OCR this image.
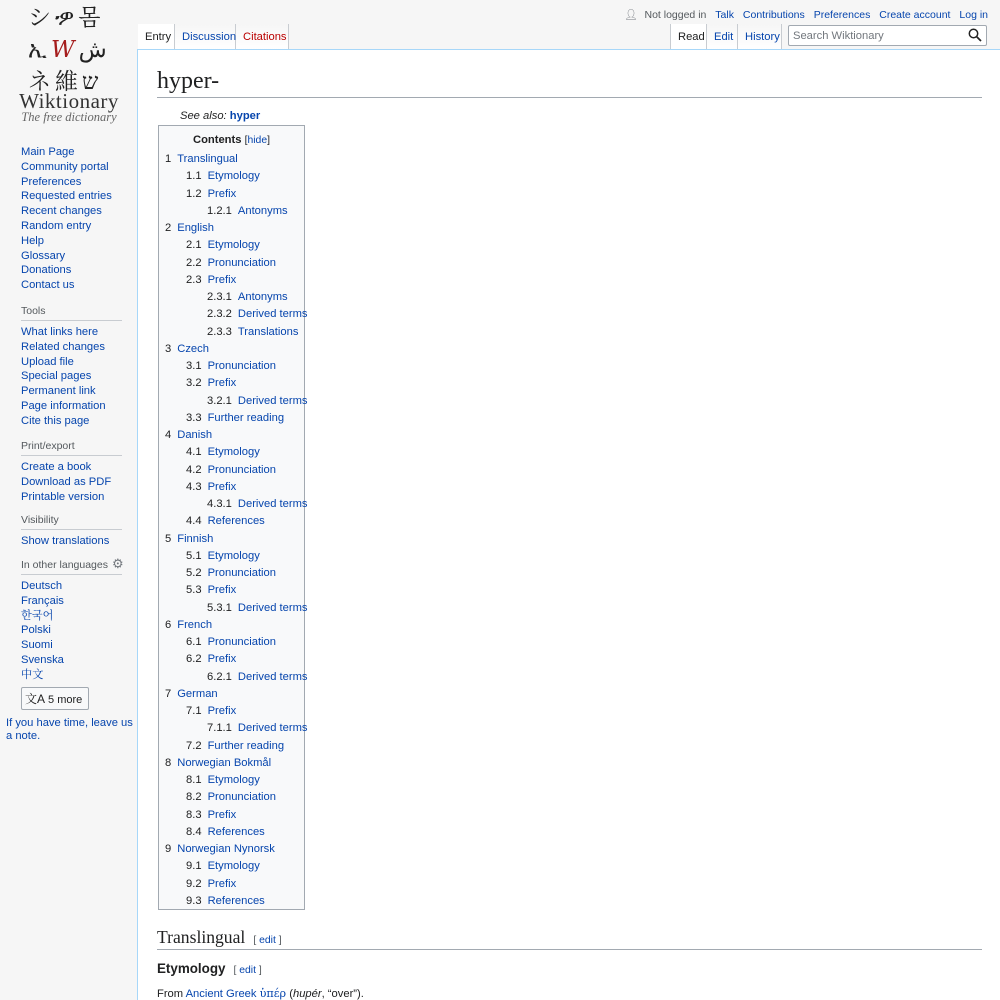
シዏ몸
ኢWش
ネ維ש
Wiktionary
The free dictionary
Main Page
Community portal
Preferences
Requested entries
Recent changes
Random entry
Help
Glossary
Donations
Contact us
Tools
What links here
Related changes
Upload file
Special pages
Permanent link
Page information
Cite this page
Print/export
Create a book
Download as PDF
Printable version
Visibility
Show translations
In other languages ⚙
Deutsch
Français
한국어
Polski
Suomi
Svenska
中文
文A 5 more
If you have time, leave us a note.
👤︎ Not logged in Talk Contributions Preferences Create account Log in
Entry Discussion Citations	Read Edit	History
Search Wiktionary
hyper-
See also: hyper
Contents [hide]
1 Translingual
1.1 Etymology
1.2 Prefix
1.2.1 Antonyms
2 English
2.1 Etymology
2.2 Pronunciation
2.3 Prefix
2.3.1 Antonyms
2.3.2 Derived terms
2.3.3 Translations
3 Czech
3.1 Pronunciation
3.2 Prefix
3.2.1 Derived terms
3.3 Further reading
4 Danish
4.1 Etymology
4.2 Pronunciation
4.3 Prefix
4.3.1 Derived terms
4.4 References
5 Finnish
5.1 Etymology
5.2 Pronunciation
5.3 Prefix
5.3.1 Derived terms
6 French
6.1 Pronunciation
6.2 Prefix
6.2.1 Derived terms
7 German
7.1 Prefix
7.1.1 Derived terms
7.2 Further reading
8 Norwegian Bokmål
8.1 Etymology
8.2 Pronunciation
8.3 Prefix
8.4 References
9 Norwegian Nynorsk
9.1 Etymology
9.2 Prefix
9.3 References
Translingual [ edit ]
Etymology [ edit ]
From Ancient Greek ὑπέρ (hupér, “over”).
